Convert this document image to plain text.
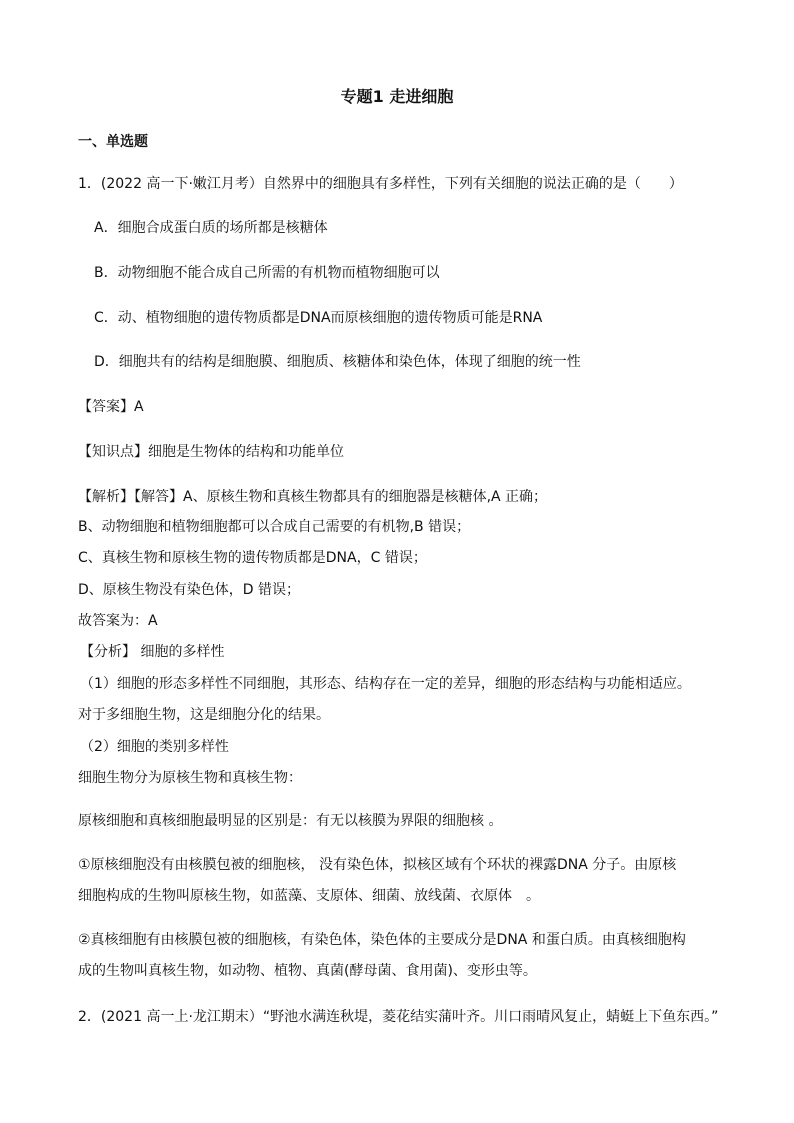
专题1 走进细胞
一、单选题
1．(2022 高一下·嫩江月考）自然界中的细胞具有多样性，下列有关细胞的说法正确的是（　　）
A．细胞合成蛋白质的场所都是核糖体
B．动物细胞不能合成自己所需的有机物而植物细胞可以
C．动、植物细胞的遗传物质都是DNA而原核细胞的遗传物质可能是RNA
D．细胞共有的结构是细胞膜、细胞质、核糖体和染色体，体现了细胞的统一性
【答案】A
【知识点】细胞是生物体的结构和功能单位
【解析】【解答】A、原核生物和真核生物都具有的细胞器是核糖体,A 正确；
B、动物细胞和植物细胞都可以合成自己需要的有机物,B 错误；
C、真核生物和原核生物的遗传物质都是DNA，C 错误；
D、原核生物没有染色体，D 错误；
故答案为：A
【分析】 细胞的多样性
（1）细胞的形态多样性不同细胞，其形态、结构存在一定的差异，细胞的形态结构与功能相适应。
对于多细胞生物，这是细胞分化的结果。
（2）细胞的类别多样性
细胞生物分为原核生物和真核生物：
原核细胞和真核细胞最明显的区别是：有无以核膜为界限的细胞核 。
①原核细胞没有由核膜包被的细胞核， 没有染色体，拟核区域有个环状的裸露DNA 分子。由原核
细胞构成的生物叫原核生物，如蓝藻、支原体、细菌、放线菌、衣原体　。
②真核细胞有由核膜包被的细胞核，有染色体，染色体的主要成分是DNA 和蛋白质。由真核细胞构
成的生物叫真核生物，如动物、植物、真菌(酵母菌、食用菌)、变形虫等。
2．(2021 高一上·龙江期末）“野池水满连秋堤，菱花结实蒲叶齐。川口雨晴风复止，蜻蜓上下鱼东西。”
